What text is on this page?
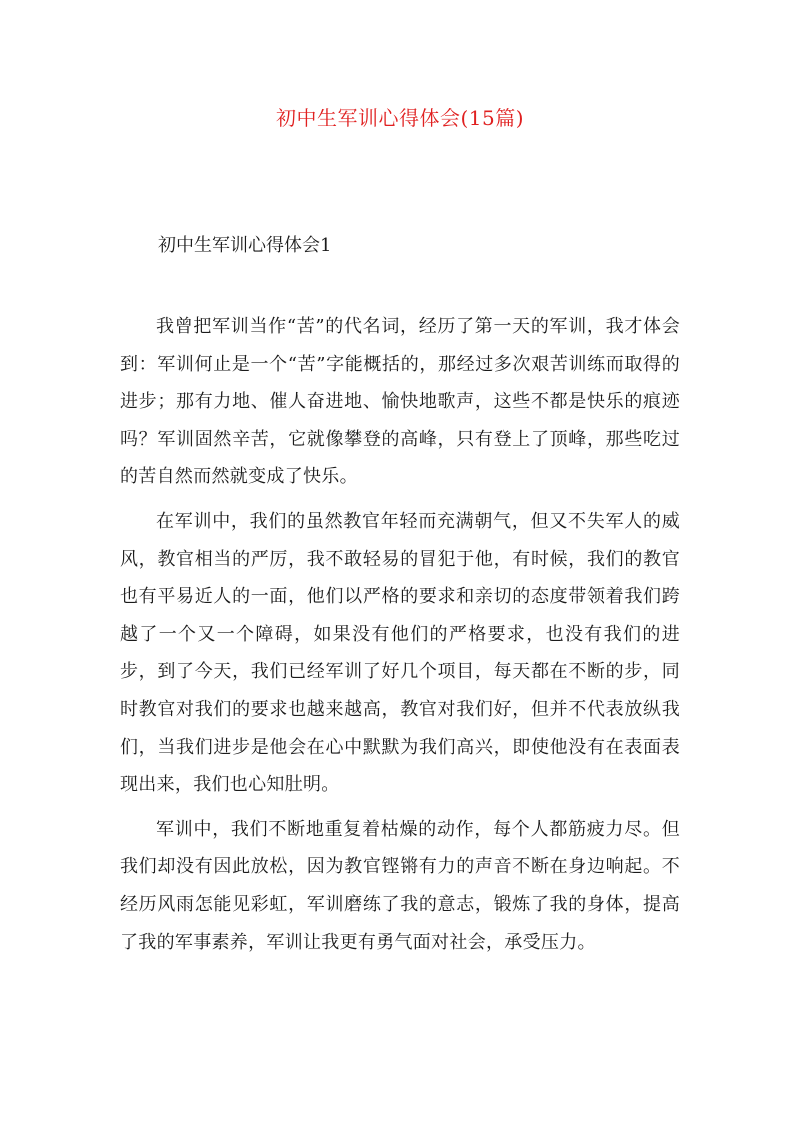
初中生军训心得体会(15篇)
初中生军训心得体会1

我曾把军训当作“苦”的代名词，经历了第一天的军训，我才体会到：军训何止是一个“苦”字能概括的，那经过多次艰苦训练而取得的进步；那有力地、催人奋进地、愉快地歌声，这些不都是快乐的痕迹吗？军训固然辛苦，它就像攀登的高峰，只有登上了顶峰，那些吃过的苦自然而然就变成了快乐。

在军训中，我们的虽然教官年轻而充满朝气，但又不失军人的威风，教官相当的严厉，我不敢轻易的冒犯于他，有时候，我们的教官也有平易近人的一面，他们以严格的要求和亲切的态度带领着我们跨越了一个又一个障碍，如果没有他们的严格要求，也没有我们的进步，到了今天，我们已经军训了好几个项目，每天都在不断的步，同时教官对我们的要求也越来越高，教官对我们好，但并不代表放纵我们，当我们进步是他会在心中默默为我们高兴，即使他没有在表面表现出来，我们也心知肚明。

军训中，我们不断地重复着枯燥的动作，每个人都筋疲力尽。但我们却没有因此放松，因为教官铿锵有力的声音不断在身边响起。不经历风雨怎能见彩虹，军训磨练了我的意志，锻炼了我的身体，提高了我的军事素养，军训让我更有勇气面对社会，承受压力。
